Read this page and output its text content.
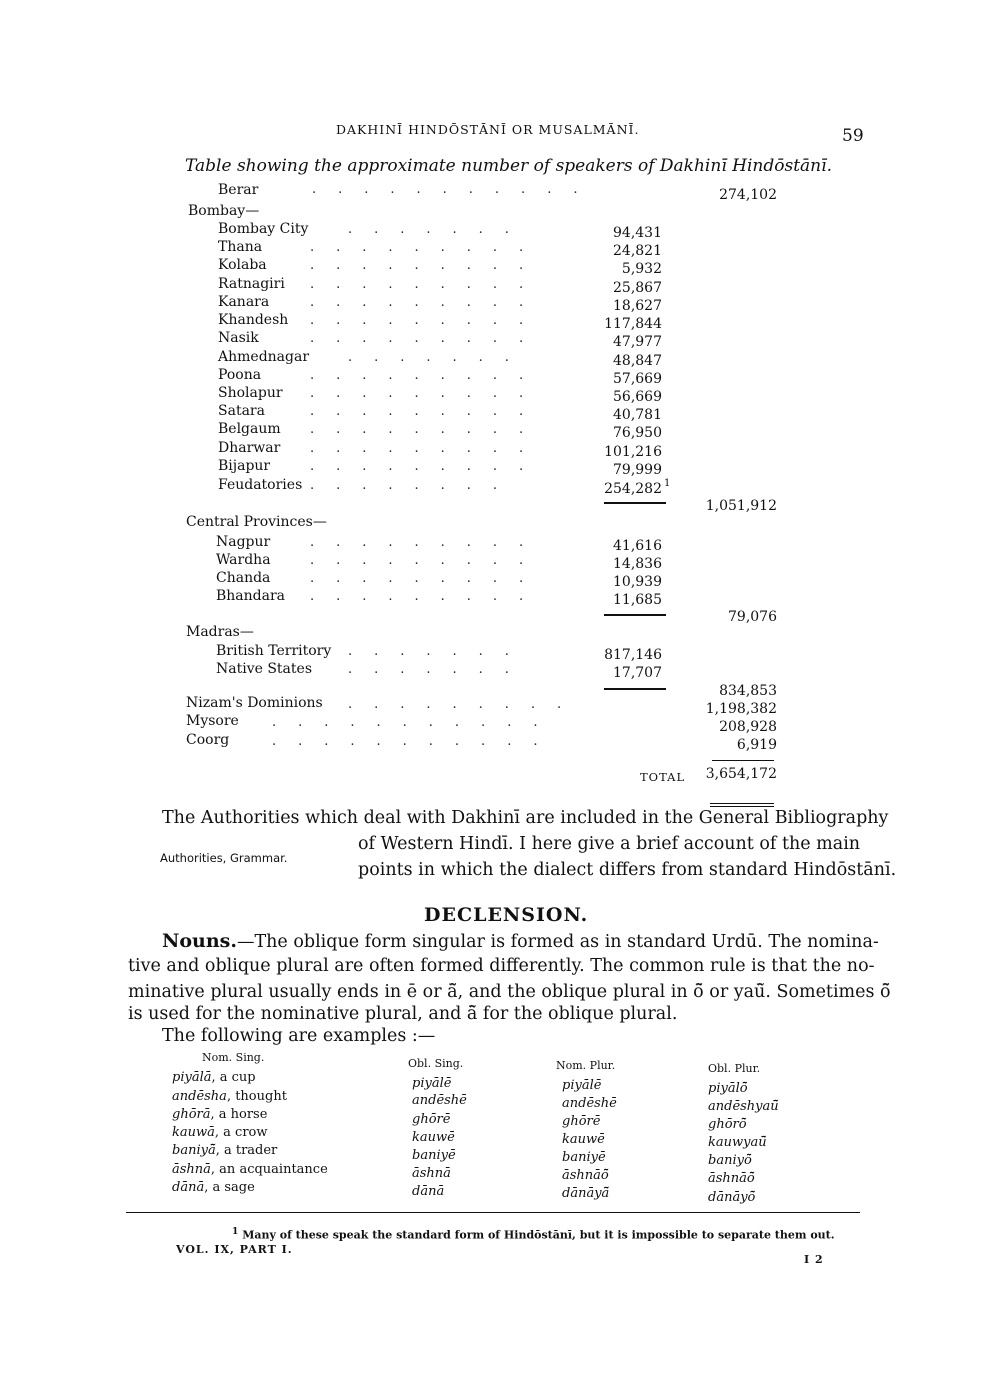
DAKHINĪ HINDŌSTĀNĪ OR MUSALMĀNĪ.	59
Table showing the approximate number of speakers of Dakhinī Hindōstānī.
Berar	...........	274,102
Bombay—
Bombay City	.......	94,431
Thana	.........	24,821
Kolaba	.........	5,932
Ratnagiri .........	25,867
Kanara	.........	18,627
Khandesh .........	117,844
Nasik	.........	47,977
Ahmednagar	.......	48,847
Poona	.........	57,669
Sholapur .........	56,669
Satara	.........	40,781
Belgaum .........	76,950
Dharwar .........	101,216
Bijapur	.........	79,999
Feudatories ........	254,282 1
1,051,912
Central Provinces—
Nagpur	.........	41,616
Wardha	.........	14,836
Chanda	.........	10,939
Bhandara .........	11,685
79,076
Madras—
British Territory .......	817,146
Native States	.......	17,707
834,853
Nizam's Dominions .........	1,198,382
Mysore	...........	208,928
Coorg	...........	6,919
TOTAL	3,654,172
The Authorities which deal with Dakhinī are included in the General Bibliography
of Western Hindī. I here give a brief account of the main
Authorities, Grammar.
points in which the dialect differs from standard Hindōstānī.
DECLENSION.
Nouns.—The oblique form singular is formed as in standard Urdū. The nomina-
tive and oblique plural are often formed differently. The common rule is that the no-
minative plural usually ends in ē or ā̃, and the oblique plural in ō̃ or yaū̃. Sometimes ō̃
is used for the nominative plural, and ā̃ for the oblique plural.
The following are examples :—
Nom. Sing.	Obl. Sing.	Nom. Plur.	Obl. Plur.
piyālā, a cup	piyālē	piyālē	piyālō̃
andēsha, thought	andēshē	andēshē	andēshyaū̃
ghōrā, a horse	ghōrē	ghōrē	ghōrō̃
kauwā, a crow	kauwē	kauwē	kauwyaū̃
baniyā̃, a trader	baniyē	baniyē	baniyō̃
āshnā, an acquaintance	āshnā	āshnāō̃	āshnāō̃
dānā, a sage	dānā	dānāyā̃	dānāyō̃
$^1$ Many of these speak the standard form of Hindōstānī, but it is impossible to separate them out.
VOL. IX, PART I.
I 2
